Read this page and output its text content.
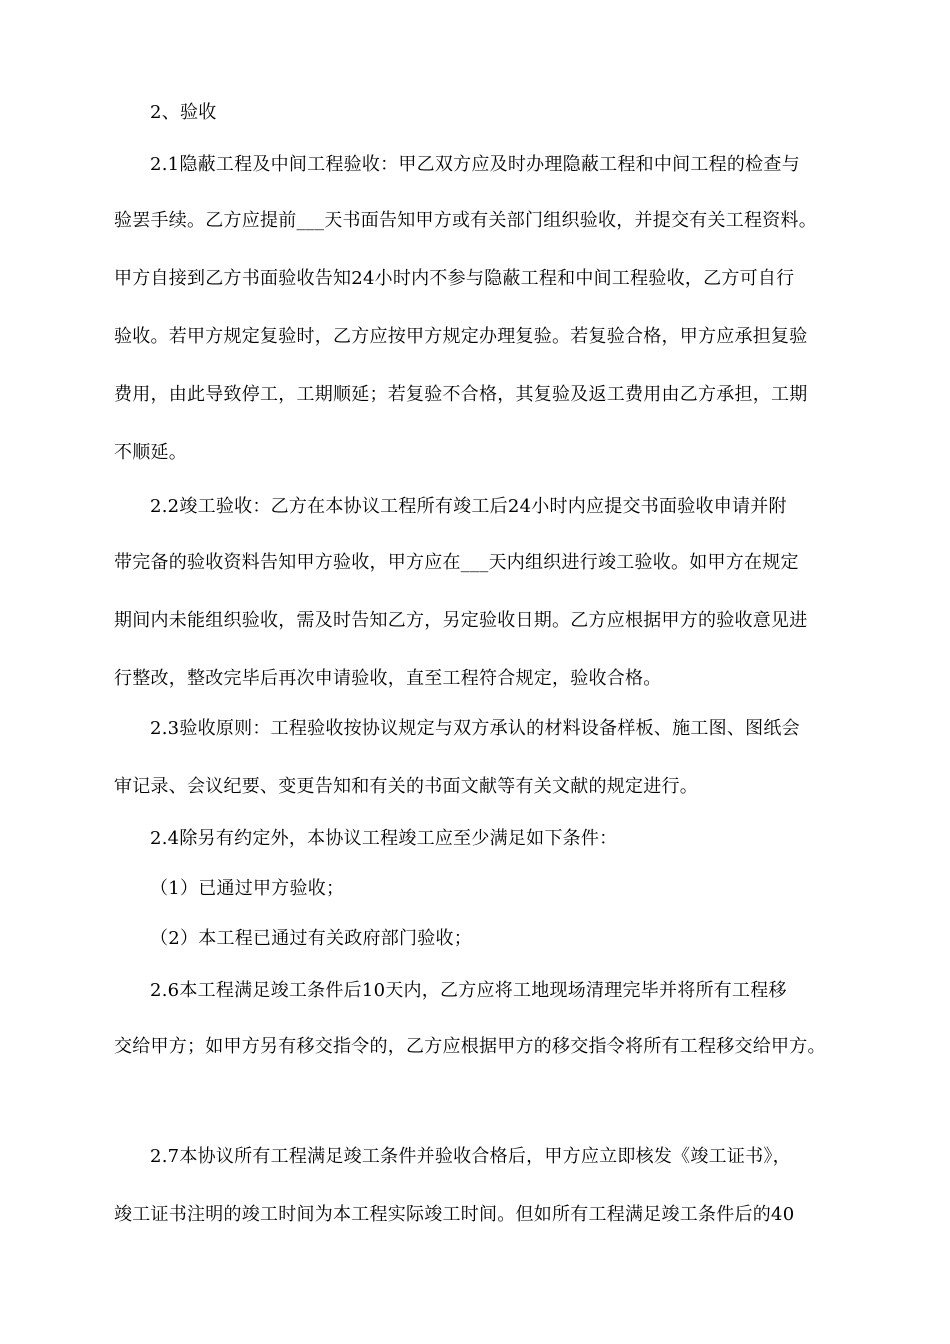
2、验收
2.1隐蔽工程及中间工程验收：甲乙双方应及时办理隐蔽工程和中间工程的检查与
验罢手续。乙方应提前___天书面告知甲方或有关部门组织验收，并提交有关工程资料。
甲方自接到乙方书面验收告知24小时内不参与隐蔽工程和中间工程验收，乙方可自行
验收。若甲方规定复验时，乙方应按甲方规定办理复验。若复验合格，甲方应承担复验
费用，由此导致停工，工期顺延；若复验不合格，其复验及返工费用由乙方承担，工期
不顺延。
2.2竣工验收：乙方在本协议工程所有竣工后24小时内应提交书面验收申请并附
带完备的验收资料告知甲方验收，甲方应在___天内组织进行竣工验收。如甲方在规定
期间内未能组织验收，需及时告知乙方，另定验收日期。乙方应根据甲方的验收意见进
行整改，整改完毕后再次申请验收，直至工程符合规定，验收合格。
2.3验收原则：工程验收按协议规定与双方承认的材料设备样板、施工图、图纸会
审记录、会议纪要、变更告知和有关的书面文献等有关文献的规定进行。
2.4除另有约定外，本协议工程竣工应至少满足如下条件：
（1）已通过甲方验收；
（2）本工程已通过有关政府部门验收；
2.6本工程满足竣工条件后10天内，乙方应将工地现场清理完毕并将所有工程移
交给甲方；如甲方另有移交指令的，乙方应根据甲方的移交指令将所有工程移交给甲方。
2.7本协议所有工程满足竣工条件并验收合格后，甲方应立即核发《竣工证书》，
竣工证书注明的竣工时间为本工程实际竣工时间。但如所有工程满足竣工条件后的40
